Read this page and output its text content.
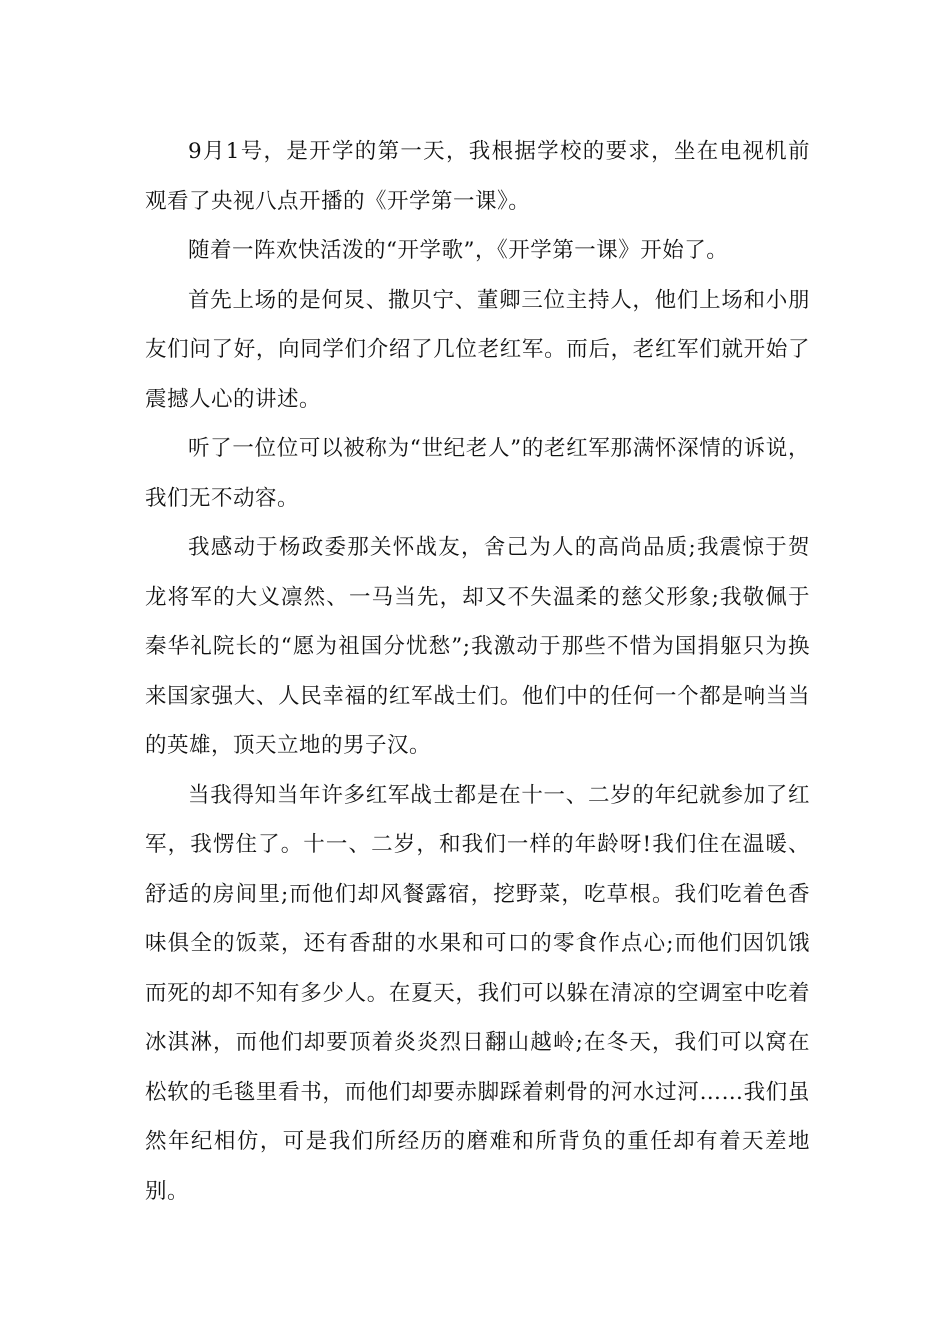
9月1号，是开学的第一天，我根据学校的要求，坐在电视机前观看了央视八点开播的《开学第一课》。

随着一阵欢快活泼的“开学歌”，《开学第一课》开始了。

首先上场的是何炅、撒贝宁、董卿三位主持人，他们上场和小朋友们问了好，向同学们介绍了几位老红军。而后，老红军们就开始了震撼人心的讲述。

听了一位位可以被称为“世纪老人”的老红军那满怀深情的诉说，我们无不动容。

我感动于杨政委那关怀战友，舍己为人的高尚品质;我震惊于贺龙将军的大义凛然、一马当先，却又不失温柔的慈父形象;我敬佩于秦华礼院长的“愿为祖国分忧愁”;我激动于那些不惜为国捐躯只为换来国家强大、人民幸福的红军战士们。他们中的任何一个都是响当当的英雄，顶天立地的男子汉。

当我得知当年许多红军战士都是在十一、二岁的年纪就参加了红军，我愣住了。十一、二岁，和我们一样的年龄呀!我们住在温暖、舒适的房间里;而他们却风餐露宿，挖野菜，吃草根。我们吃着色香味俱全的饭菜，还有香甜的水果和可口的零食作点心;而他们因饥饿而死的却不知有多少人。在夏天，我们可以躲在清凉的空调室中吃着冰淇淋，而他们却要顶着炎炎烈日翻山越岭;在冬天，我们可以窝在松软的毛毯里看书，而他们却要赤脚踩着刺骨的河水过河……我们虽然年纪相仿，可是我们所经历的磨难和所背负的重任却有着天差地别。
